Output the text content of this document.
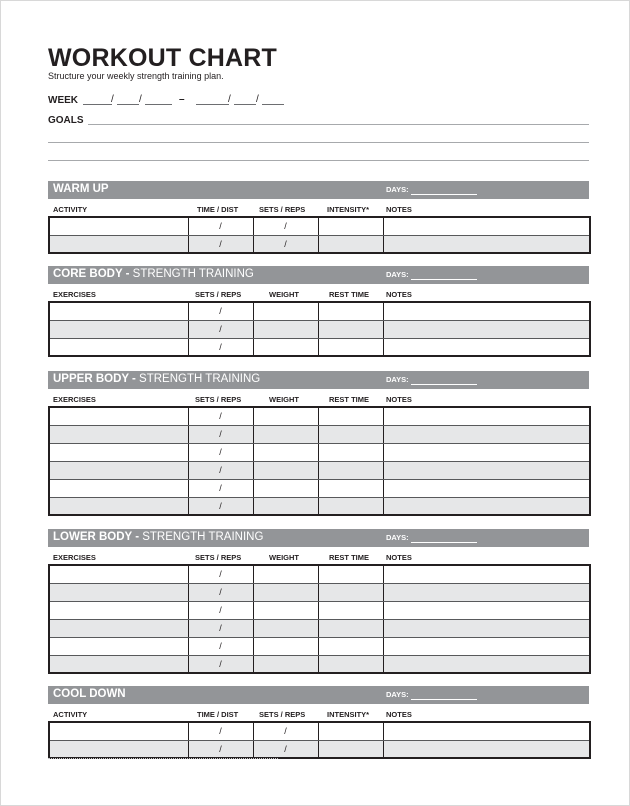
WORKOUT CHART
Structure your weekly strength training plan.
WEEK	/	/	–	/	/
GOALS
WARM UP	DAYS:
ACTIVITY	TIME / DIST	SETS / REPS	INTENSITY* NOTES
	/	/		
	/	/		
CORE BODY - STRENGTH TRAINING	DAYS:
EXERCISES	SETS / REPS	WEIGHT	REST TIME NOTES
	/			
	/			
	/			
UPPER BODY - STRENGTH TRAINING	DAYS:
EXERCISES	SETS / REPS	WEIGHT	REST TIME NOTES
	/			
	/			
	/			
	/			
	/			
	/			
LOWER BODY - STRENGTH TRAINING	DAYS:
EXERCISES	SETS / REPS	WEIGHT	REST TIME NOTES
	/			
	/			
	/			
	/			
	/			
	/			
COOL DOWN	DAYS:
ACTIVITY	TIME / DIST	SETS / REPS	INTENSITY* NOTES
	/	/		
	/	/		
